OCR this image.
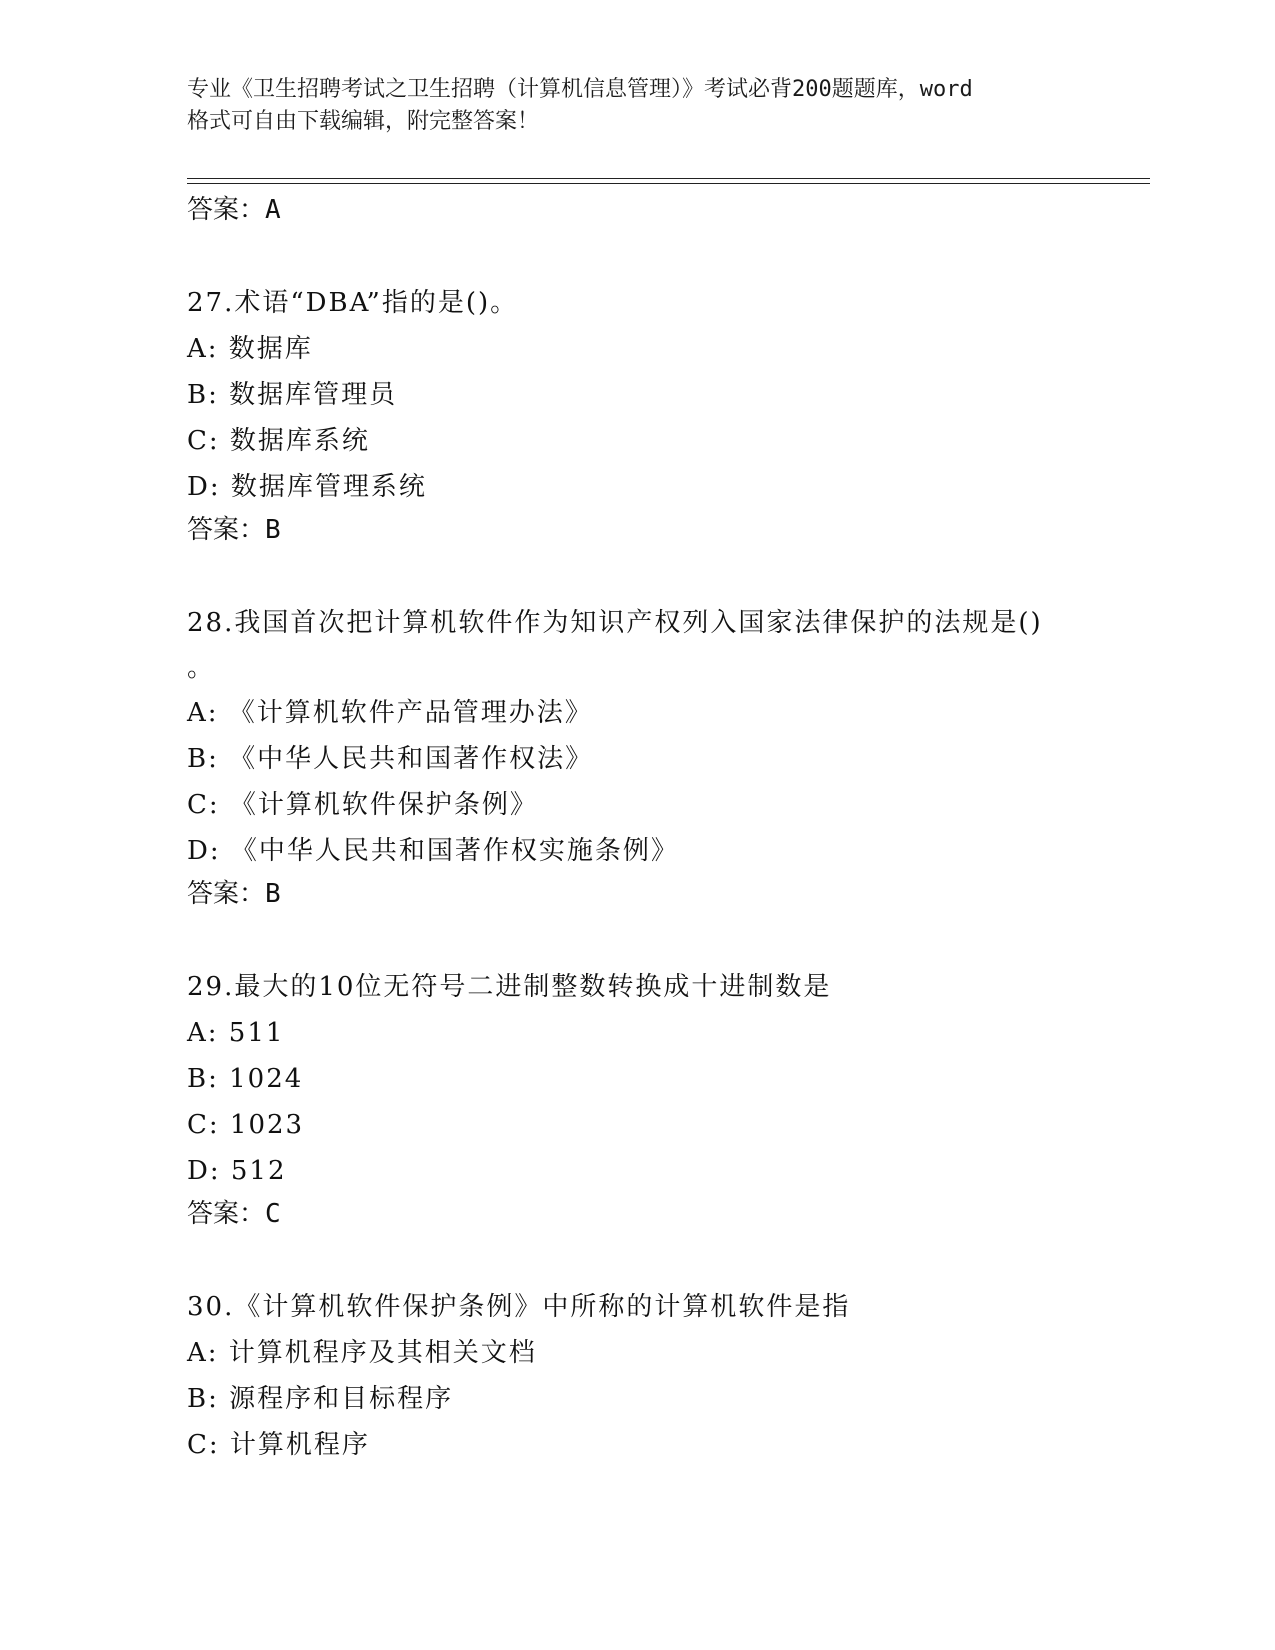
专业《卫生招聘考试之卫生招聘（计算机信息管理）》考试必背200题题库，word
格式可自由下载编辑，附完整答案！
答案：A
27.术语“DBA”指的是()。
A: 数据库
B: 数据库管理员
C: 数据库系统
D: 数据库管理系统
答案：B
28.我国首次把计算机软件作为知识产权列入国家法律保护的法规是()
。
A: 《计算机软件产品管理办法》
B: 《中华人民共和国著作权法》
C: 《计算机软件保护条例》
D: 《中华人民共和国著作权实施条例》
答案：B
29.最大的10位无符号二进制整数转换成十进制数是
A: 511
B: 1024
C: 1023
D: 512
答案：C
30.《计算机软件保护条例》中所称的计算机软件是指
A: 计算机程序及其相关文档
B: 源程序和目标程序
C: 计算机程序
